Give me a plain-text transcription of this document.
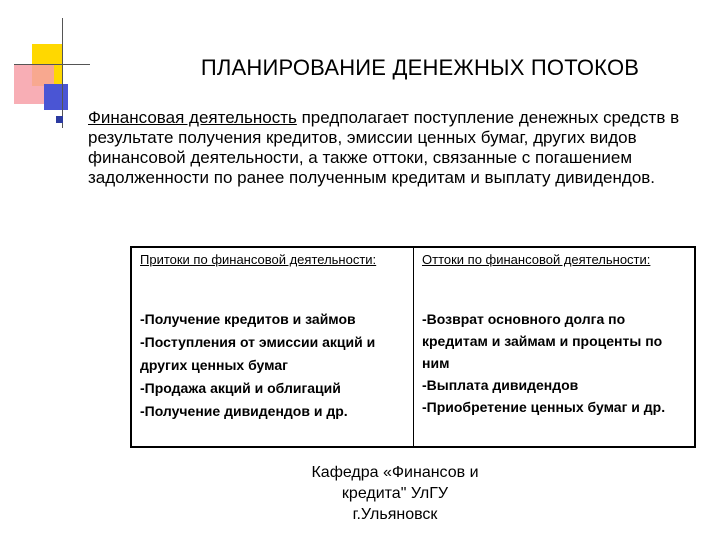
ПЛАНИРОВАНИЕ ДЕНЕЖНЫХ ПОТОКОВ
Финансовая деятельность предполагает поступление денежных средств в результате получения кредитов, эмиссии ценных бумаг, других видов финансовой деятельности, а также оттоки, связанные с погашением задолженности по ранее полученным кредитам и выплату дивидендов.
Притоки по финансовой деятельности:	Оттоки по финансовой деятельности:
-Получение кредитов и займов
-Поступления от эмиссии акций и других ценных бумаг
-Продажа акций и облигаций
-Получение дивидендов и др.
-Возврат основного долга по кредитам и займам и проценты по ним
-Выплата дивидендов
-Приобретение ценных бумаг и др.
Кафедра «Финансов и
кредита" УлГУ
г.Ульяновск
